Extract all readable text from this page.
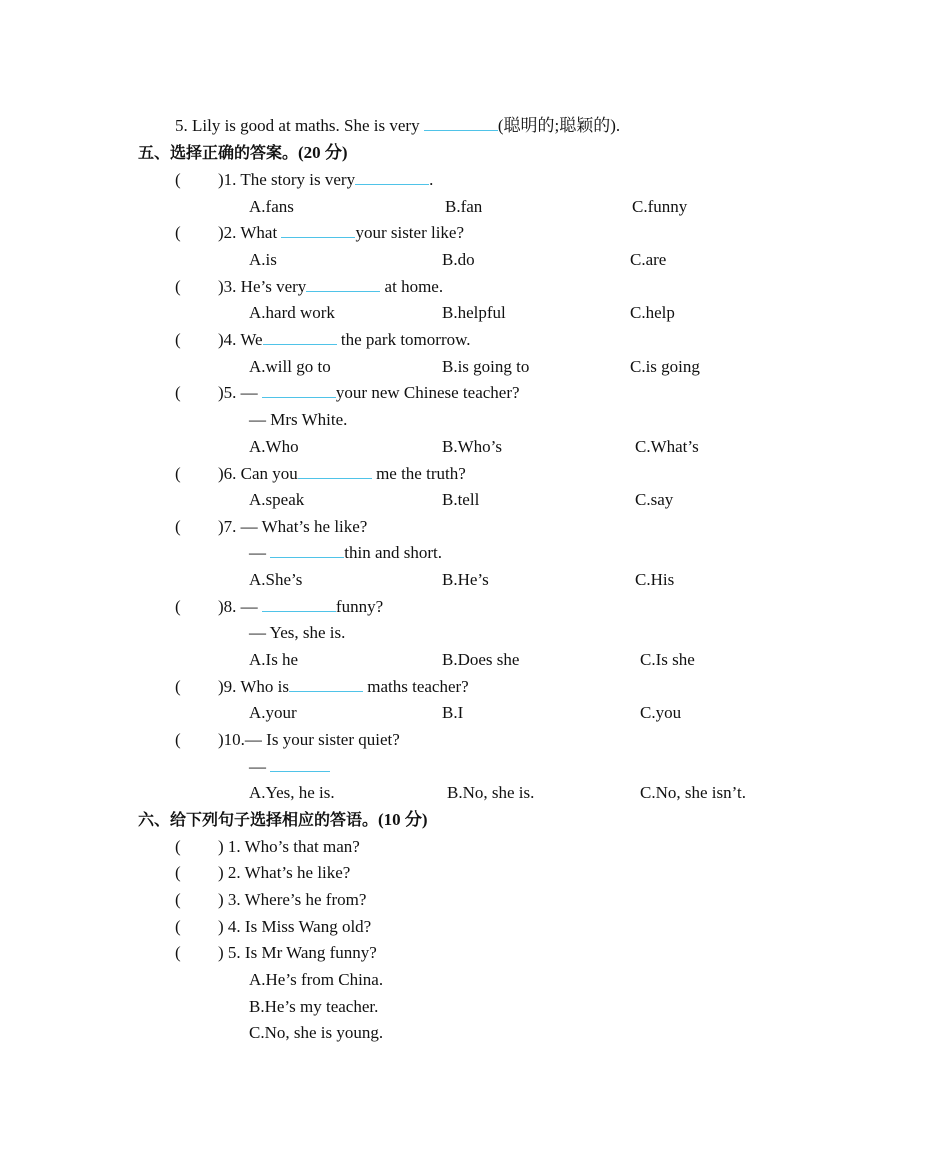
5. Lily is good at maths. She is very	(聪明的;聪颖的).
五、选择正确的答案。(20 分)
( )1. The story is very	.
A.fans	B.fan	C.funny
( )2. What	your sister like?
A.is	B.do	C.are
( )3. He’s very	at home.
A.hard work	B.helpful	C.help
( )4. We	the park tomorrow.
A.will go to	B.is going to	C.is going
( )5. —	your new Chinese teacher?
— Mrs White.
A.Who	B.Who’s	C.What’s
( )6. Can you	me the truth?
A.speak	B.tell	C.say
( )7. — What’s he like?
—	thin and short.
A.She’s	B.He’s	C.His
( )8. —	funny?
— Yes, she is.
A.Is he	B.Does she	C.Is she
( )9. Who is	maths teacher?
A.your	B.I	C.you
( )10.— Is your sister quiet?
—
A.Yes, he is.	B.No, she is.	C.No, she isn’t.
六、给下列句子选择相应的答语。(10 分)
( ) 1. Who’s that man?
( ) 2. What’s he like?
( ) 3. Where’s he from?
( ) 4. Is Miss Wang old?
( ) 5. Is Mr Wang funny?
A.He’s from China.
B.He’s my teacher.
C.No, she is young.
